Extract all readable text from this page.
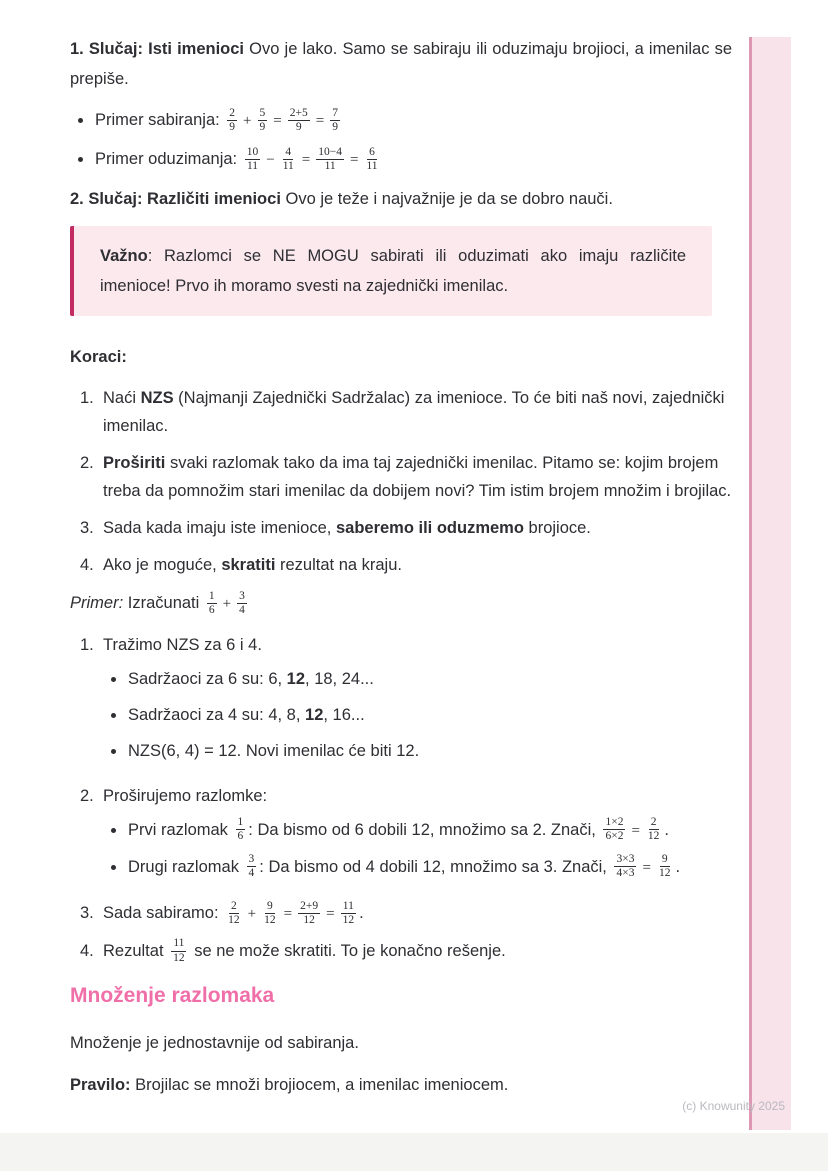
1. Slučaj: Isti imenioci Ovo je lako. Samo se sabiraju ili oduzimaju brojioci, a imenilac se prepiše.

Primer sabiranja: $\frac{2}{9} + \frac{5}{9} = \frac{2+5}{9} = \frac{7}{9}$
Primer oduzimanja: $\frac{10}{11} - \frac{4}{11} = \frac{10-4}{11} = \frac{6}{11}$

2. Slučaj: Različiti imenioci Ovo je teže i najvažnije je da se dobro nauči.

Važno: Razlomci se NE MOGU sabirati ili oduzimati ako imaju različite imenioce! Prvo ih moramo svesti na zajednički imenilac.

Koraci:

1. Naći NZS (Najmanji Zajednički Sadržalac) za imenioce. To će biti naš novi, zajednički imenilac.
2. Proširiti svaki razlomak tako da ima taj zajednički imenilac. Pitamo se: kojim brojem treba da pomnožim stari imenilac da dobijem novi? Tim istim brojem množim i brojilac.
3. Sada kada imaju iste imenioce, saberemo ili oduzmemo brojioce.
4. Ako je moguće, skratiti rezultat na kraju.

Primer: Izračunati $\frac{1}{6} + \frac{3}{4}$

1. Tražimo NZS za 6 i 4.
Sadržaoci za 6 su: 6, 12, 18, 24...
Sadržaoci za 4 su: 4, 8, 12, 16...
NZS(6, 4) = 12. Novi imenilac će biti 12.
2. Proširujemo razlomke:
Prvi razlomak $\frac{1}{6}$ : Da bismo od 6 dobili 12, množimo sa 2. Znači, $\frac{1\times 2}{6\times 2} = \frac{2}{12}$ .
Drugi razlomak $\frac{3}{4}$ : Da bismo od 4 dobili 12, množimo sa 3. Znači, $\frac{3\times 3}{4\times 3} = \frac{9}{12}$ .
3. Sada sabiramo: $\frac{2}{12} + \frac{9}{12} = \frac{2+9}{12} = \frac{11}{12}$ .
4. Rezultat $\frac{11}{12}$ se ne može skratiti. To je konačno rešenje.
Množenje razlomaka

Množenje je jednostavnije od sabiranja.

Pravilo: Brojilac se množi brojiocem, a imenilac imeniocem.

(c) Knowunity 2025
